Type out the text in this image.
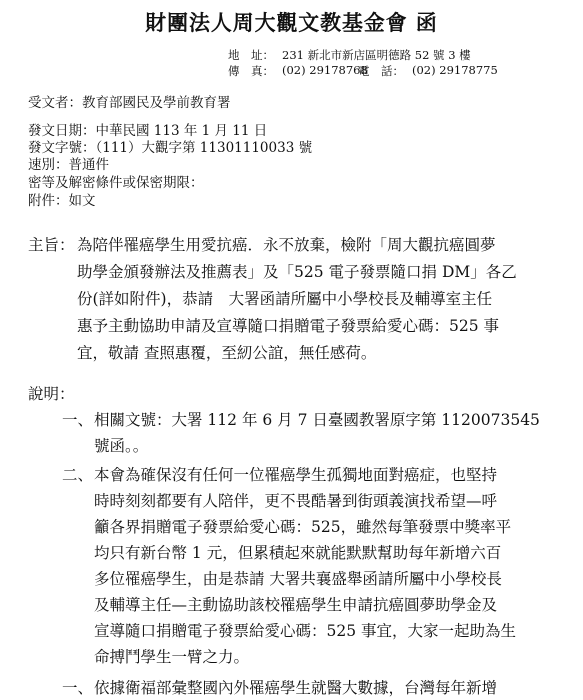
財團法人周大觀文教基金會 函
地　址： 231 新北市新店區明德路 52 號 3 樓
傳　真： (02) 29178768
電　話： (02) 29178775
受文者：教育部國民及學前教育署
發文日期：中華民國 113 年 1 月 11 日
發文字號：（111）大觀字第 11301110033 號
速別：普通件
密等及解密條件或保密期限：
附件：如文
主旨： 為陪伴罹癌學生用愛抗癌．永不放棄，檢附「周大觀抗癌圓夢
助學金頒發辦法及推薦表」及「525 電子發票隨口捐 DM」各乙
份(詳如附件)，恭請　大署函請所屬中小學校長及輔導室主任
惠予主動協助申請及宣導隨口捐贈電子發票給愛心碼：525 事
宜，敬請 查照惠覆，至紉公誼，無任感荷。
說明：
一、 相關文號：大署 112 年 6 月 7 日臺國教署原字第 1120073545
號函。。
二、 本會為確保沒有任何一位罹癌學生孤獨地面對癌症，也堅持
時時刻刻都要有人陪伴，更不畏酷暑到街頭義演找希望—呼
籲各界捐贈電子發票給愛心碼：525，雖然每筆發票中獎率平
均只有新台幣 1 元，但累積起來就能默默幫助每年新增六百
多位罹癌學生，由是恭請 大署共襄盛舉函請所屬中小學校長
及輔導主任—主動協助該校罹癌學生申請抗癌圓夢助學金及
宣導隨口捐贈電子發票給愛心碼：525 事宜，大家一起助為生
命搏鬥學生一臂之力。
一、 依據衛福部彙整國內外罹癌學生就醫大數據，台灣每年新增
